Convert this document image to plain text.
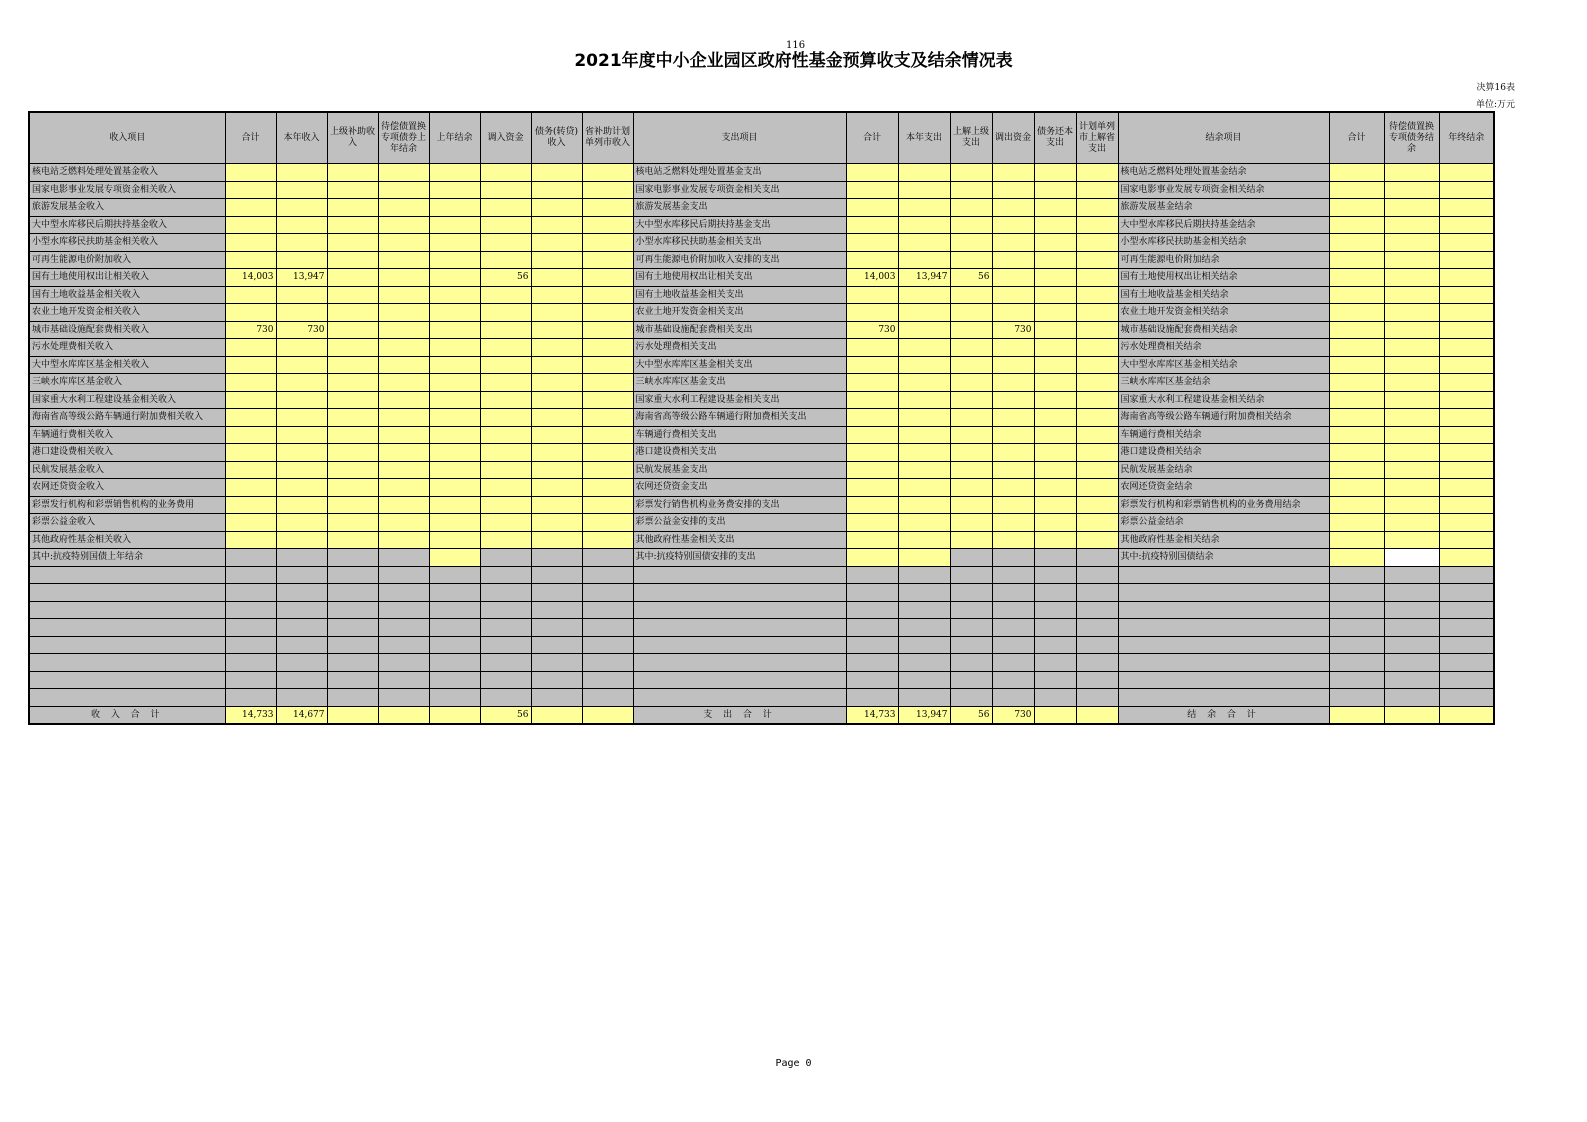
116
2021年度中小企业园区政府性基金预算收支及结余情况表
决算16表
单位:万元
收入项目	合计	本年收入	上级补助收入	待偿债置换专项债券上年结余	上年结余	调入资金	债务(转贷)收入	省补助计划单列市收入	支出项目	合计	本年支出	上解上级支出	调出资金	债务还本支出	计划单列市上解省支出	结余项目	合计	待偿债置换专项债务结余	年终结余
核电站乏燃料处理处置基金收入									核电站乏燃料处理处置基金支出							核电站乏燃料处理处置基金结余			
国家电影事业发展专项资金相关收入									国家电影事业发展专项资金相关支出							国家电影事业发展专项资金相关结余			
旅游发展基金收入									旅游发展基金支出							旅游发展基金结余			
大中型水库移民后期扶持基金收入									大中型水库移民后期扶持基金支出							大中型水库移民后期扶持基金结余			
小型水库移民扶助基金相关收入									小型水库移民扶助基金相关支出							小型水库移民扶助基金相关结余			
可再生能源电价附加收入									可再生能源电价附加收入安排的支出							可再生能源电价附加结余			
国有土地使用权出让相关收入	14,003	13,947				56			国有土地使用权出让相关支出	14,003	13,947	56				国有土地使用权出让相关结余			
国有土地收益基金相关收入									国有土地收益基金相关支出							国有土地收益基金相关结余			
农业土地开发资金相关收入									农业土地开发资金相关支出							农业土地开发资金相关结余			
城市基础设施配套费相关收入	730	730							城市基础设施配套费相关支出	730			730			城市基础设施配套费相关结余			
污水处理费相关收入									污水处理费相关支出							污水处理费相关结余			
大中型水库库区基金相关收入									大中型水库库区基金相关支出							大中型水库库区基金相关结余			
三峡水库库区基金收入									三峡水库库区基金支出							三峡水库库区基金结余			
国家重大水利工程建设基金相关收入									国家重大水利工程建设基金相关支出							国家重大水利工程建设基金相关结余			
海南省高等级公路车辆通行附加费相关收入									海南省高等级公路车辆通行附加费相关支出							海南省高等级公路车辆通行附加费相关结余			
车辆通行费相关收入									车辆通行费相关支出							车辆通行费相关结余			
港口建设费相关收入									港口建设费相关支出							港口建设费相关结余			
民航发展基金收入									民航发展基金支出							民航发展基金结余			
农网还贷资金收入									农网还贷资金支出							农网还贷资金结余			
彩票发行机构和彩票销售机构的业务费用									彩票发行销售机构业务费安排的支出							彩票发行机构和彩票销售机构的业务费用结余			
彩票公益金收入									彩票公益金安排的支出							彩票公益金结余			
其他政府性基金相关收入									其他政府性基金相关支出							其他政府性基金相关结余			
其中:抗疫特别国债上年结余									其中:抗疫特别国债安排的支出							其中:抗疫特别国债结余			

收 入 合 计	14,733	14,677				56			支 出 合 计	14,733	13,947	56	730			结 余 合 计			
Page 0
